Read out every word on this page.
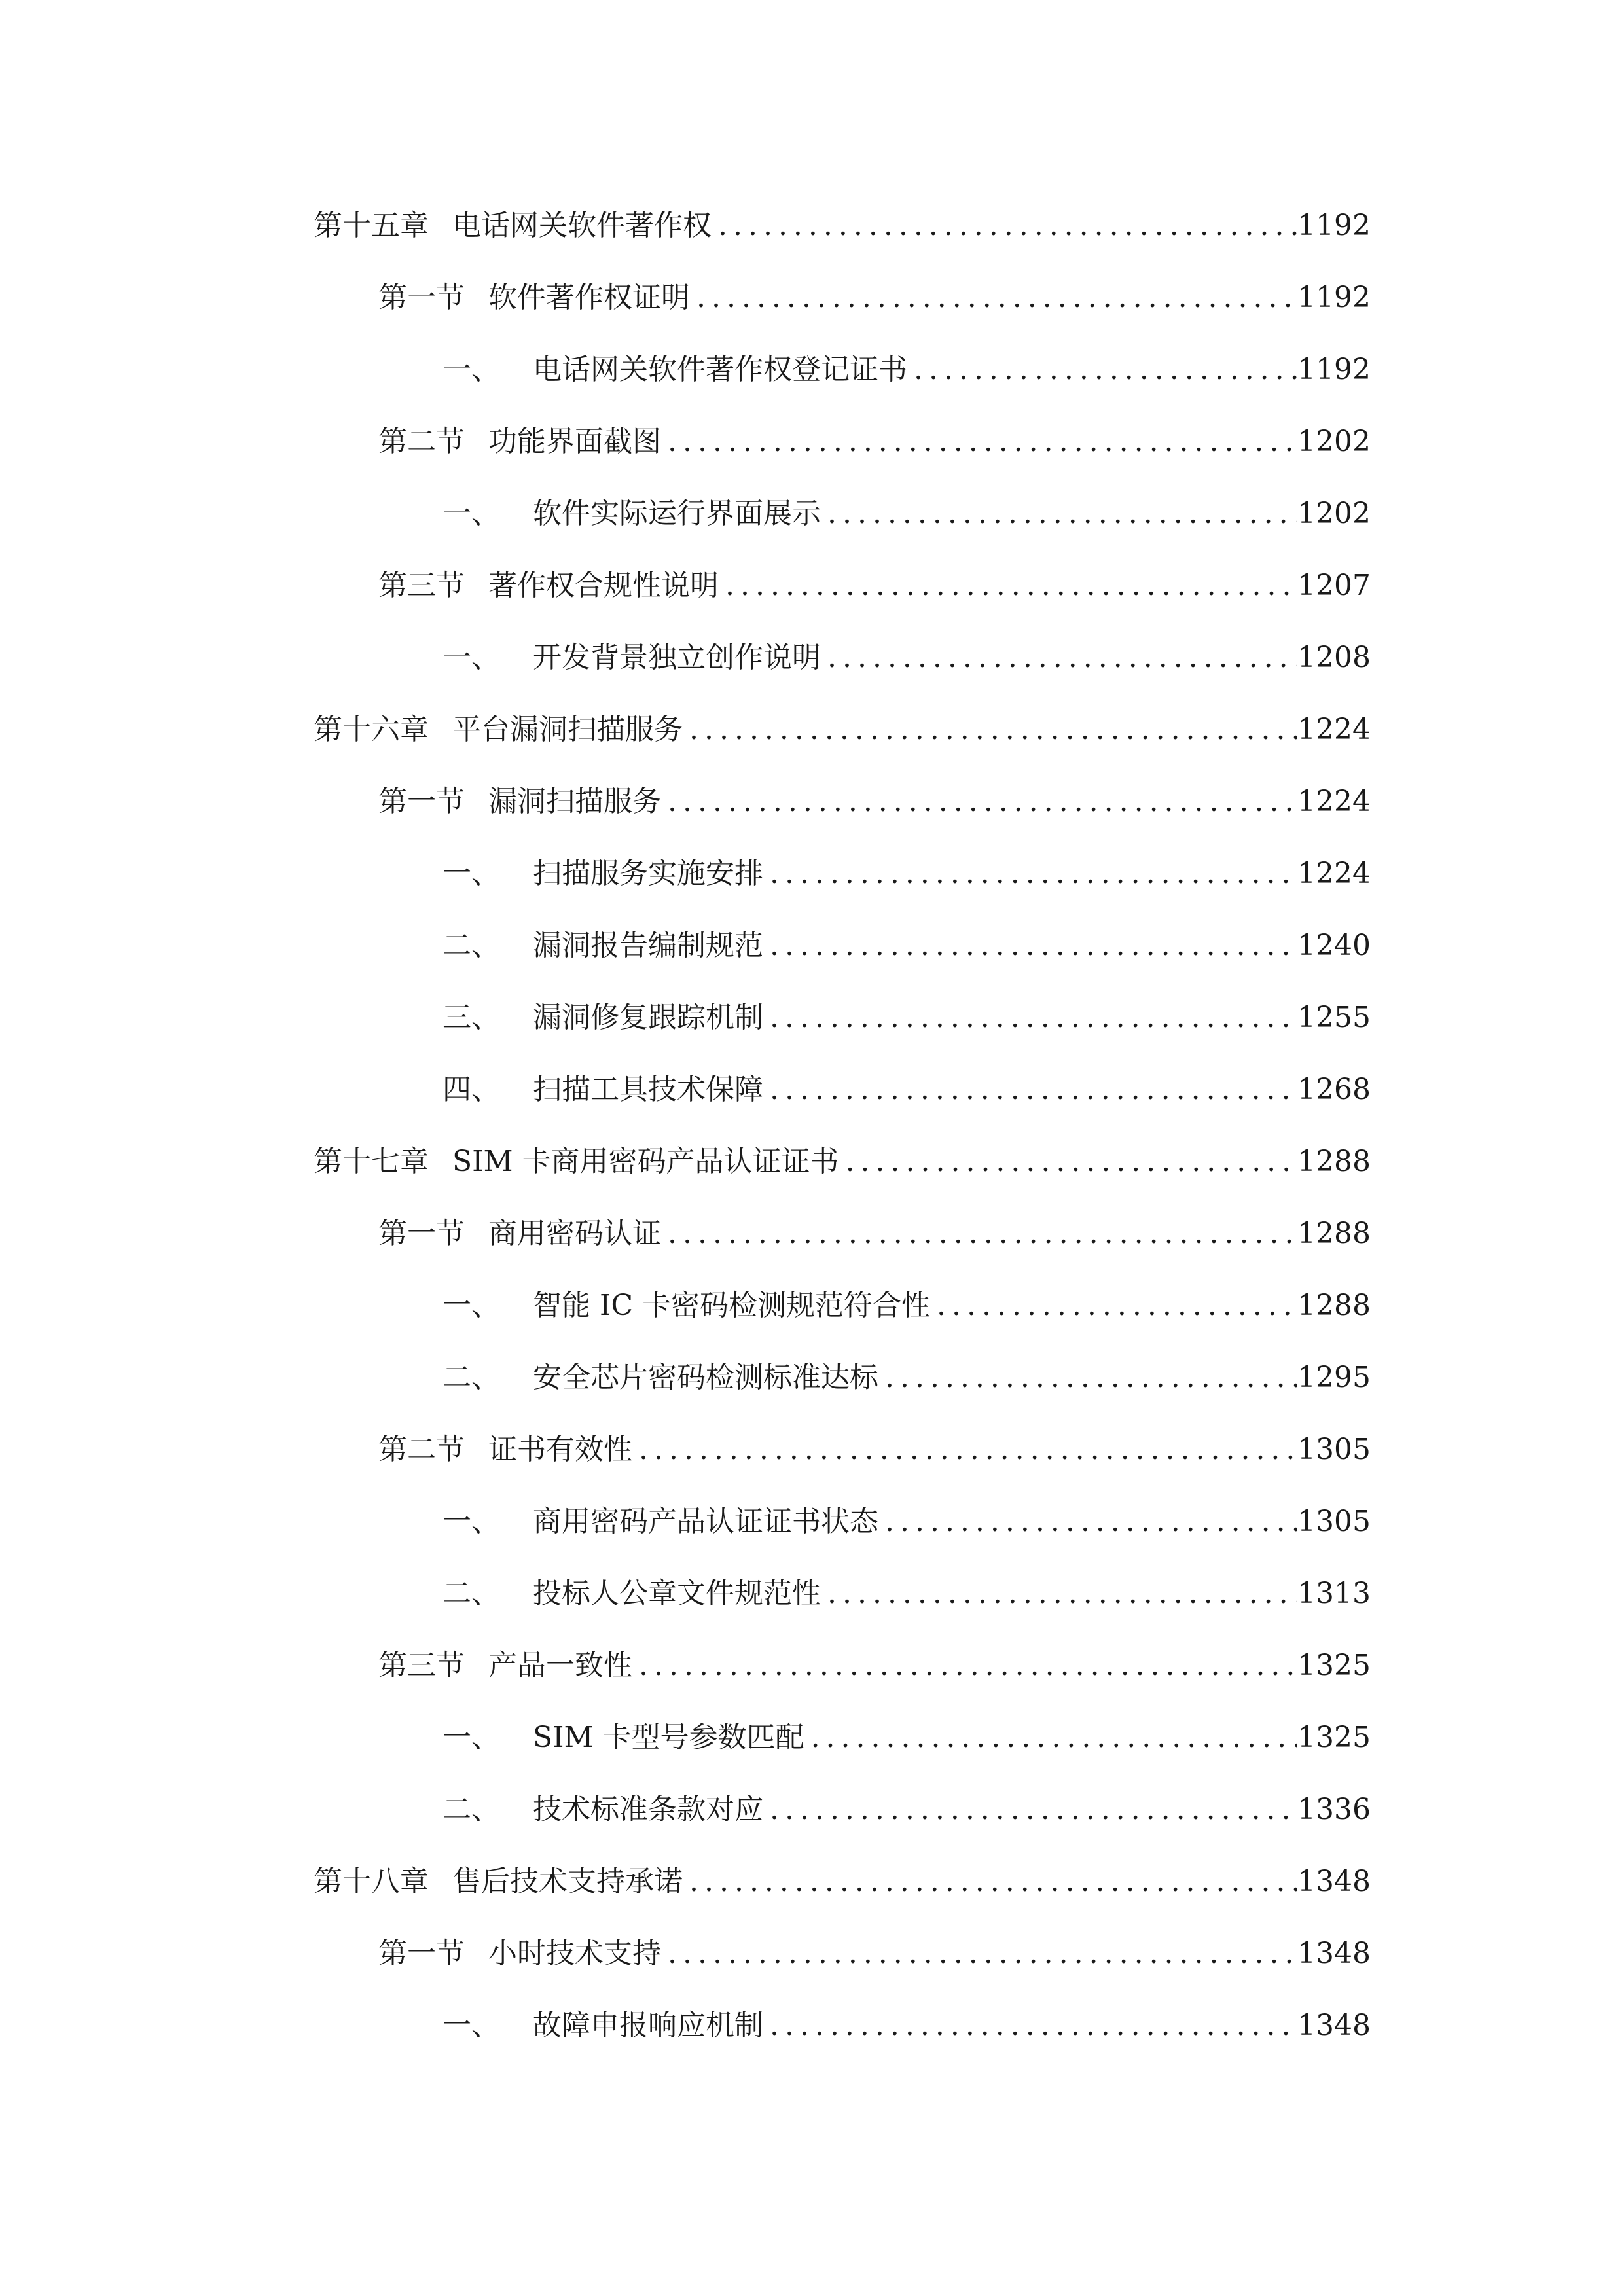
第十五章 电话网关软件著作权 .....	1192
第一节 软件著作权证明 .....	1192
一、	电话网关软件著作权登记证书 .....	1192
第二节 功能界面截图 .....	1202
一、	软件实际运行界面展示 .....	1202
第三节 著作权合规性说明 .....	1207
一、	开发背景独立创作说明 .....	1208
第十六章 平台漏洞扫描服务 .....	1224
第一节 漏洞扫描服务 .....	1224
一、	扫描服务实施安排 .....	1224
二、	漏洞报告编制规范 .....	1240
三、	漏洞修复跟踪机制 .....	1255
四、	扫描工具技术保障 .....	1268
第十七章 SIM 卡商用密码产品认证证书 .....	1288
第一节 商用密码认证 .....	1288
一、	智能 IC 卡密码检测规范符合性 .....	1288
二、	安全芯片密码检测标准达标 .....	1295
第二节 证书有效性 .....	1305
一、	商用密码产品认证证书状态 .....	1305
二、	投标人公章文件规范性 .....	1313
第三节 产品一致性 .....	1325
一、	SIM 卡型号参数匹配 .....	1325
二、	技术标准条款对应 .....	1336
第十八章 售后技术支持承诺 .....	1348
第一节 小时技术支持 .....	1348
一、	故障申报响应机制 .....	1348
